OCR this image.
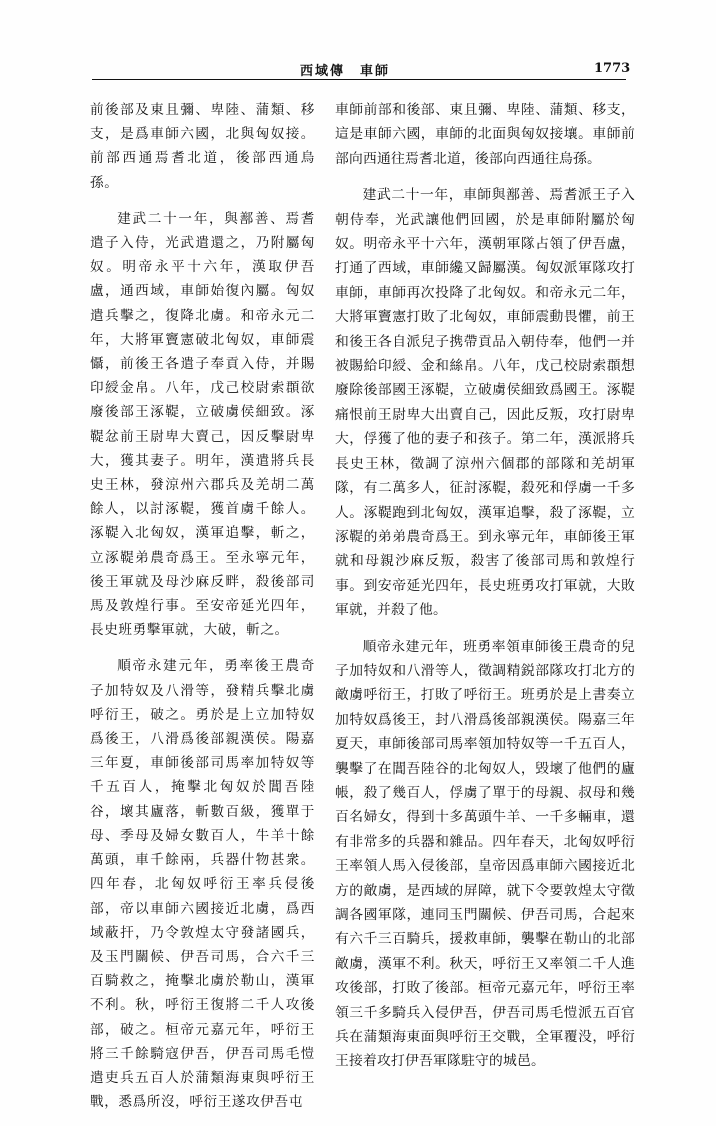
西域傳　車師	1773

前後部及東且彌、卑陸、蒲類、移支，是爲車師六國，北與匈奴接。前部西通焉耆北道，後部西通烏孫。

建武二十一年，與鄯善、焉耆遣子入侍，光武遣還之，乃附屬匈奴。明帝永平十六年，漢取伊吾盧，通西域，車師始復內屬。匈奴遣兵擊之，復降北虜。和帝永元二年，大將軍竇憲破北匈奴，車師震懾，前後王各遣子奉貢入侍，并賜印綬金帛。八年，戊己校尉索頵欲廢後部王涿鞮，立破虜侯細致。涿鞮忿前王尉卑大賣己，因反擊尉卑大，獲其妻子。明年，漢遣將兵長史王林，發涼州六郡兵及羌胡二萬餘人，以討涿鞮，獲首虜千餘人。涿鞮入北匈奴，漢軍追擊，斬之，立涿鞮弟農奇爲王。至永寧元年，後王軍就及母沙麻反畔，殺後部司馬及敦煌行事。至安帝延光四年，長史班勇擊軍就，大破，斬之。

順帝永建元年，勇率後王農奇子加特奴及八滑等，發精兵擊北虜呼衍王，破之。勇於是上立加特奴爲後王，八滑爲後部親漢侯。陽嘉三年夏，車師後部司馬率加特奴等千五百人，掩擊北匈奴於閶吾陸谷，壞其廬落，斬數百級，獲單于母、季母及婦女數百人，牛羊十餘萬頭，車千餘兩，兵器什物甚衆。四年春，北匈奴呼衍王率兵侵後部，帝以車師六國接近北虜，爲西域蔽扞，乃令敦煌太守發諸國兵，及玉門關候、伊吾司馬，合六千三百騎救之，掩擊北虜於勒山，漢軍不利。秋，呼衍王復將二千人攻後部，破之。桓帝元嘉元年，呼衍王將三千餘騎寇伊吾，伊吾司馬毛愷遣吏兵五百人於蒲類海東與呼衍王戰，悉爲所沒，呼衍王遂攻伊吾屯

車師前部和後部、東且彌、卑陸、蒲類、移支，這是車師六國，車師的北面與匈奴接壤。車師前部向西通往焉耆北道，後部向西通往烏孫。

建武二十一年，車師與鄯善、焉耆派王子入朝侍奉，光武讓他們回國，於是車師附屬於匈奴。明帝永平十六年，漢朝軍隊占領了伊吾盧，打通了西域，車師纔又歸屬漢。匈奴派軍隊攻打車師，車師再次投降了北匈奴。和帝永元二年，大將軍竇憲打敗了北匈奴，車師震動畏懼，前王和後王各自派兒子携帶貢品入朝侍奉，他們一并被賜給印綬、金和絲帛。八年，戊己校尉索頵想廢除後部國王涿鞮，立破虜侯細致爲國王。涿鞮痛恨前王尉卑大出賣自己，因此反叛，攻打尉卑大，俘獲了他的妻子和孩子。第二年，漢派將兵長史王林，徵調了涼州六個郡的部隊和羌胡軍隊，有二萬多人，征討涿鞮，殺死和俘虜一千多人。涿鞮跑到北匈奴，漢軍追擊，殺了涿鞮，立涿鞮的弟弟農奇爲王。到永寧元年，車師後王軍就和母親沙麻反叛，殺害了後部司馬和敦煌行事。到安帝延光四年，長史班勇攻打軍就，大敗軍就，并殺了他。

順帝永建元年，班勇率領車師後王農奇的兒子加特奴和八滑等人，徵調精鋭部隊攻打北方的敵虜呼衍王，打敗了呼衍王。班勇於是上書奏立加特奴爲後王，封八滑爲後部親漢侯。陽嘉三年夏天，車師後部司馬率領加特奴等一千五百人，襲擊了在閶吾陸谷的北匈奴人，毁壞了他們的廬帳，殺了幾百人，俘虜了單于的母親、叔母和幾百名婦女，得到十多萬頭牛羊、一千多輛車，還有非常多的兵器和雜品。四年春天，北匈奴呼衍王率領人馬入侵後部，皇帝因爲車師六國接近北方的敵虜，是西域的屏障，就下令要敦煌太守徵調各國軍隊，連同玉門關候、伊吾司馬，合起來有六千三百騎兵，援救車師，襲擊在勒山的北部敵虜，漢軍不利。秋天，呼衍王又率領二千人進攻後部，打敗了後部。桓帝元嘉元年，呼衍王率領三千多騎兵入侵伊吾，伊吾司馬毛愷派五百官兵在蒲類海東面與呼衍王交戰，全軍覆没，呼衍王接着攻打伊吾軍隊駐守的城邑。
